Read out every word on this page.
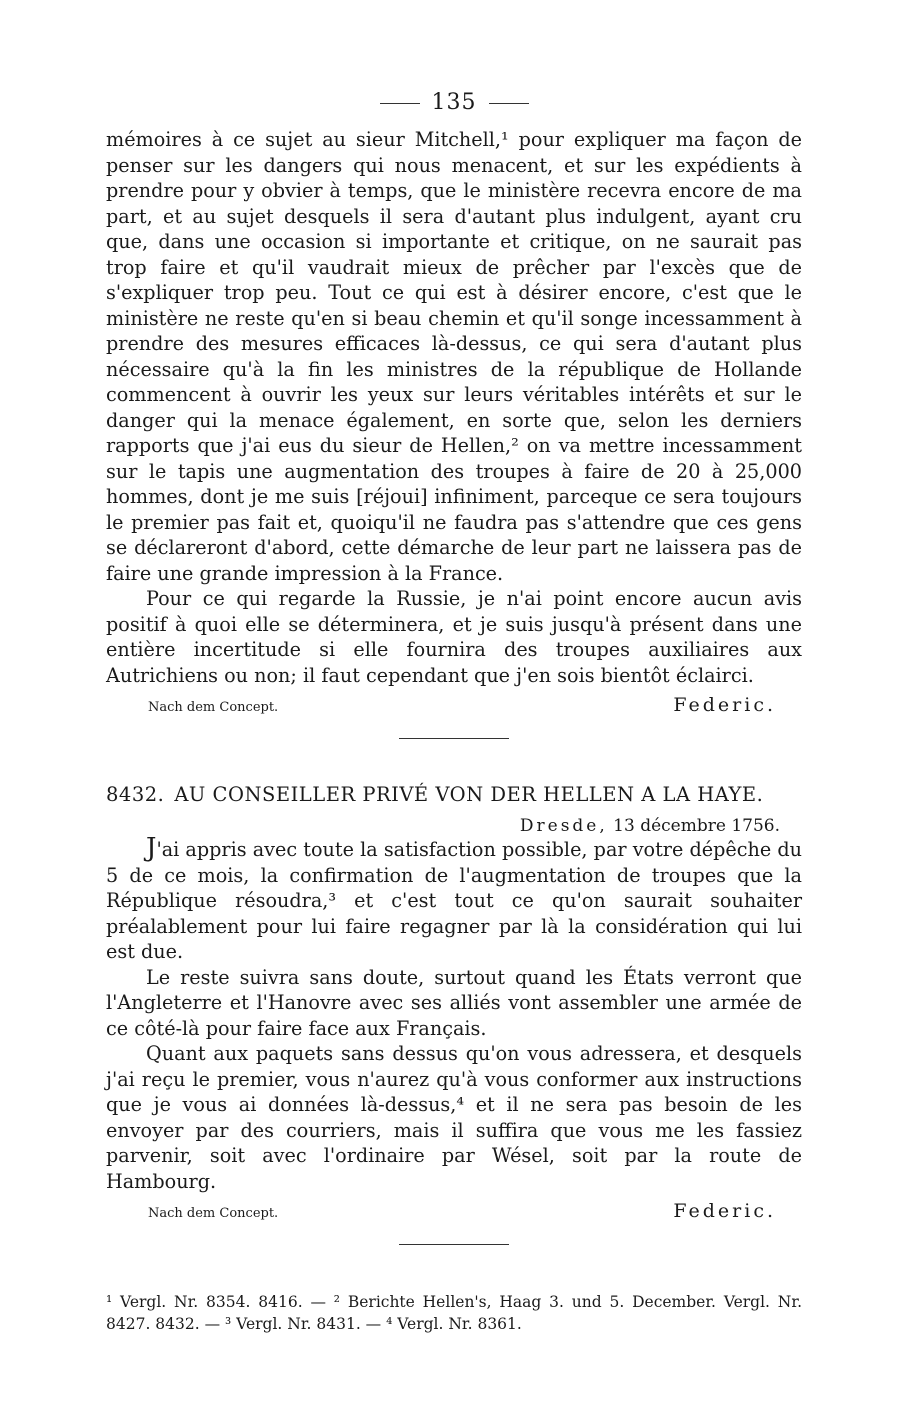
135

mémoires à ce sujet au sieur Mitchell,¹ pour expliquer ma façon de penser sur les dangers qui nous menacent, et sur les expédients à prendre pour y obvier à temps, que le ministère recevra encore de ma part, et au sujet desquels il sera d'autant plus indulgent, ayant cru que, dans une occasion si importante et critique, on ne saurait pas trop faire et qu'il vaudrait mieux de prêcher par l'excès que de s'expliquer trop peu. Tout ce qui est à désirer encore, c'est que le ministère ne reste qu'en si beau chemin et qu'il songe incessamment à prendre des mesures efficaces là-dessus, ce qui sera d'autant plus nécessaire qu'à la fin les ministres de la république de Hollande commencent à ouvrir les yeux sur leurs véritables intérêts et sur le danger qui la menace également, en sorte que, selon les derniers rapports que j'ai eus du sieur de Hellen,² on va mettre incessamment sur le tapis une augmentation des troupes à faire de 20 à 25,000 hommes, dont je me suis [réjoui] infiniment, parceque ce sera toujours le premier pas fait et, quoiqu'il ne faudra pas s'attendre que ces gens se déclareront d'abord, cette démarche de leur part ne laissera pas de faire une grande impression à la France.

Pour ce qui regarde la Russie, je n'ai point encore aucun avis positif à quoi elle se déterminera, et je suis jusqu'à présent dans une entière incertitude si elle fournira des troupes auxiliaires aux Autrichiens ou non; il faut cependant que j'en sois bientôt éclairci.

Nach dem Concept.	Federic.
8432. AU CONSEILLER PRIVÉ VON DER HELLEN A LA HAYE.
Dresde, 13 décembre 1756.

J'ai appris avec toute la satisfaction possible, par votre dépêche du 5 de ce mois, la confirmation de l'augmentation de troupes que la République résoudra,³ et c'est tout ce qu'on saurait souhaiter préalablement pour lui faire regagner par là la considération qui lui est due.

Le reste suivra sans doute, surtout quand les États verront que l'Angleterre et l'Hanovre avec ses alliés vont assembler une armée de ce côté-là pour faire face aux Français.

Quant aux paquets sans dessus qu'on vous adressera, et desquels j'ai reçu le premier, vous n'aurez qu'à vous conformer aux instructions que je vous ai données là-dessus,⁴ et il ne sera pas besoin de les envoyer par des courriers, mais il suffira que vous me les fassiez parvenir, soit avec l'ordinaire par Wésel, soit par la route de Hambourg.

Nach dem Concept.	Federic.
¹ Vergl. Nr. 8354. 8416. — ² Berichte Hellen's, Haag 3. und 5. December. Vergl. Nr. 8427. 8432. — ³ Vergl. Nr. 8431. — ⁴ Vergl. Nr. 8361.
